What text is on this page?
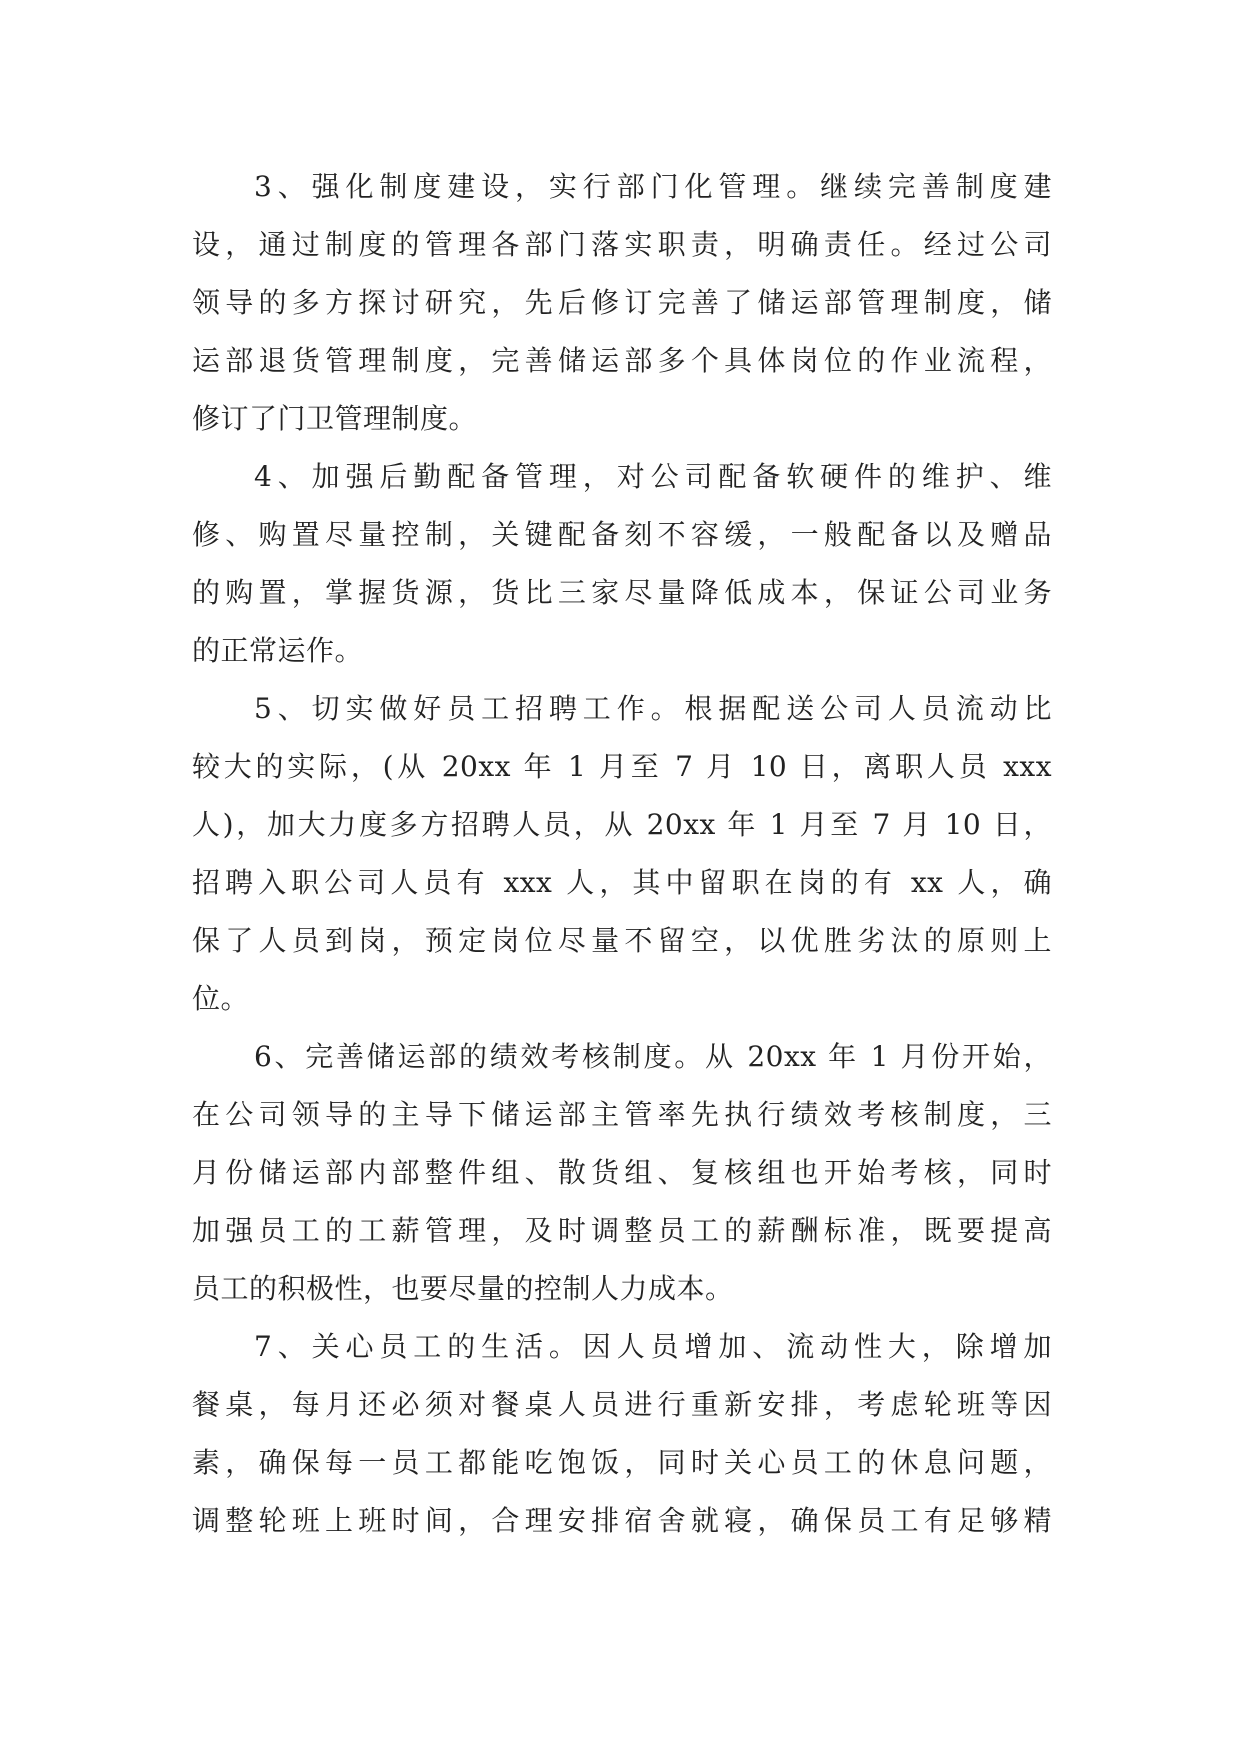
3、强化制度建设，实行部门化管理。继续完善制度建
设，通过制度的管理各部门落实职责，明确责任。经过公司
领导的多方探讨研究，先后修订完善了储运部管理制度，储
运部退货管理制度，完善储运部多个具体岗位的作业流程，
修订了门卫管理制度。
4、加强后勤配备管理，对公司配备软硬件的维护、维
修、购置尽量控制，关键配备刻不容缓，一般配备以及赠品
的购置，掌握货源，货比三家尽量降低成本，保证公司业务
的正常运作。
5、切实做好员工招聘工作。根据配送公司人员流动比
较大的实际，(从 20xx 年 1 月至 7 月 10 日，离职人员 xxx
人)，加大力度多方招聘人员，从 20xx 年 1 月至 7 月 10 日，
招聘入职公司人员有 xxx 人，其中留职在岗的有 xx 人，确
保了人员到岗，预定岗位尽量不留空，以优胜劣汰的原则上
位。
6、完善储运部的绩效考核制度。从 20xx 年 1 月份开始，
在公司领导的主导下储运部主管率先执行绩效考核制度，三
月份储运部内部整件组、散货组、复核组也开始考核，同时
加强员工的工薪管理，及时调整员工的薪酬标准，既要提高
员工的积极性，也要尽量的控制人力成本。
7、关心员工的生活。因人员增加、流动性大，除增加
餐桌，每月还必须对餐桌人员进行重新安排，考虑轮班等因
素，确保每一员工都能吃饱饭，同时关心员工的休息问题，
调整轮班上班时间，合理安排宿舍就寝，确保员工有足够精
